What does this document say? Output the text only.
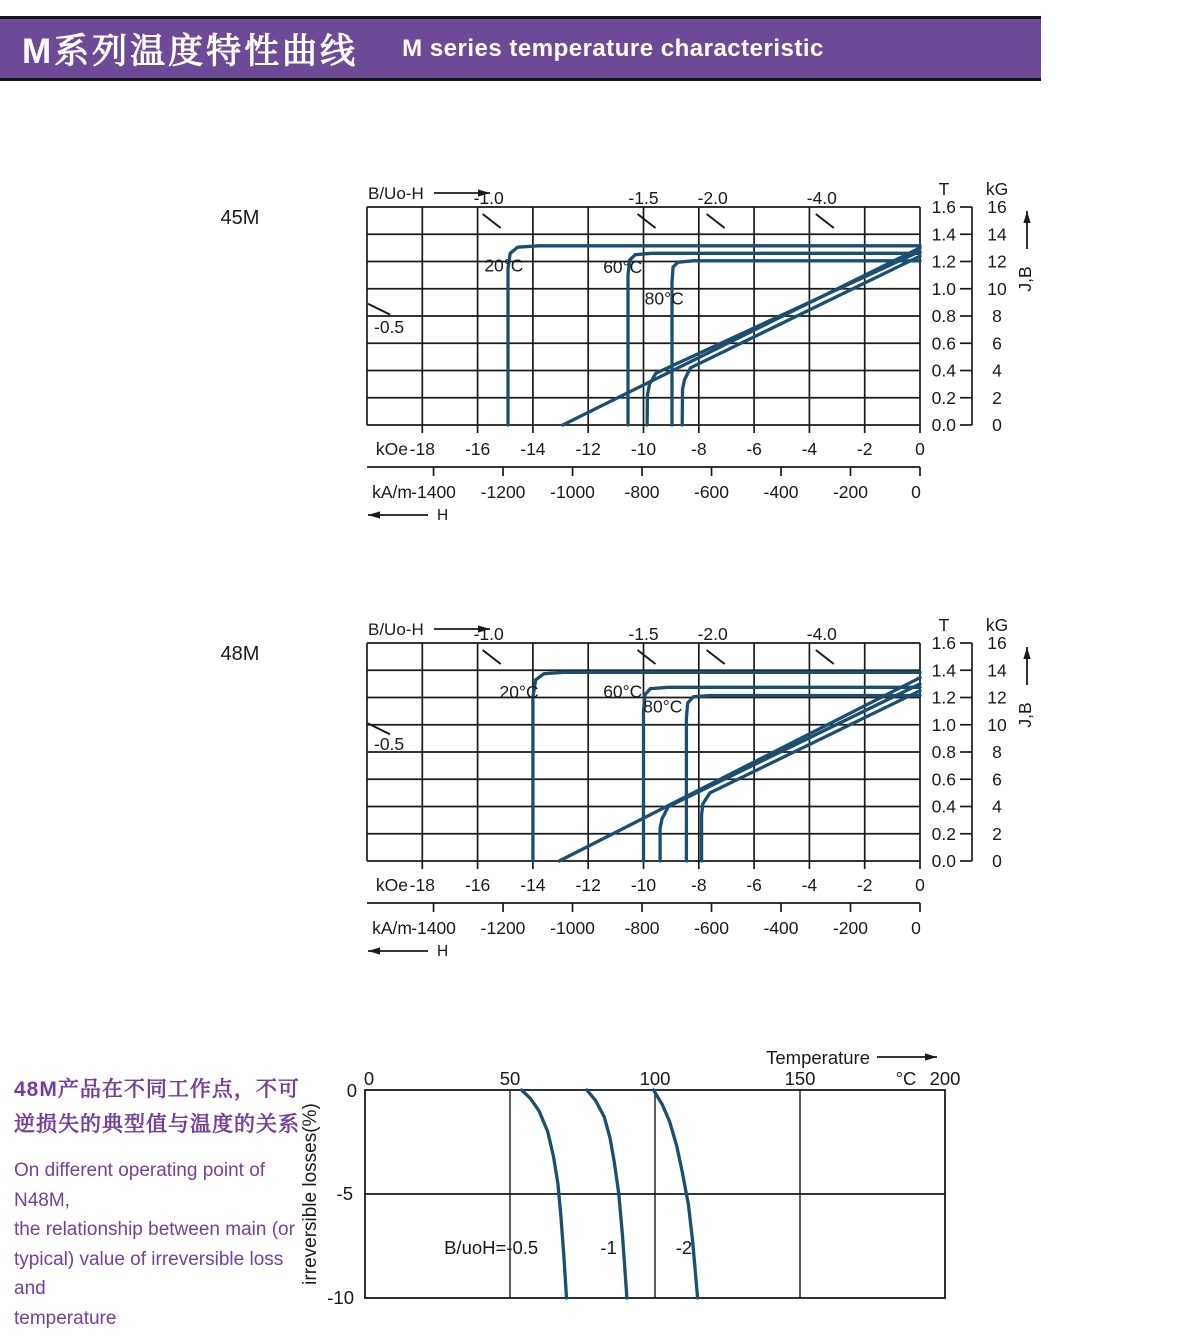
M系列温度特性曲线 M series temperature characteristic
45M
B/Uo-H	-1.0	-1.5 -2.0	-4.0
-0.5
kOe -18 -16 -14 -12 -10 -8 -6 -4 -2 0
kA/m -1400 -1200 -1000 -800 -600 -400 -200 0
H
T kG
1.6 16
1.4 14
1.2 12
1.0 10
0.8 8
0.6 6
0.4 4
0.2 2
0.0 0
J,B
20°C	60°C
80°C
48M
B/Uo-H	-1.0	-1.5 -2.0	-4.0
-0.5
kOe -18 -16 -14 -12 -10 -8 -6 -4 -2 0
kA/m -1400 -1200 -1000 -800 -600 -400 -200 0
H
T kG
1.6 16
1.4 14
1.2 12
1.0 10
0.8 8
0.6 6
0.4 4
0.2 2
0.0 0
J,B
20°C	60°C
80°C
Temperature
0	50	100	150	200
°C
0
-5
-10
irreversible losses(%)	B/uoH=-0.5	-1	-2
48M产品在不同工作点，不可
逆损失的典型值与温度的关系
On different operating point of N48M,
the relationship between main (or
typical) value of irreversible loss and
temperature
